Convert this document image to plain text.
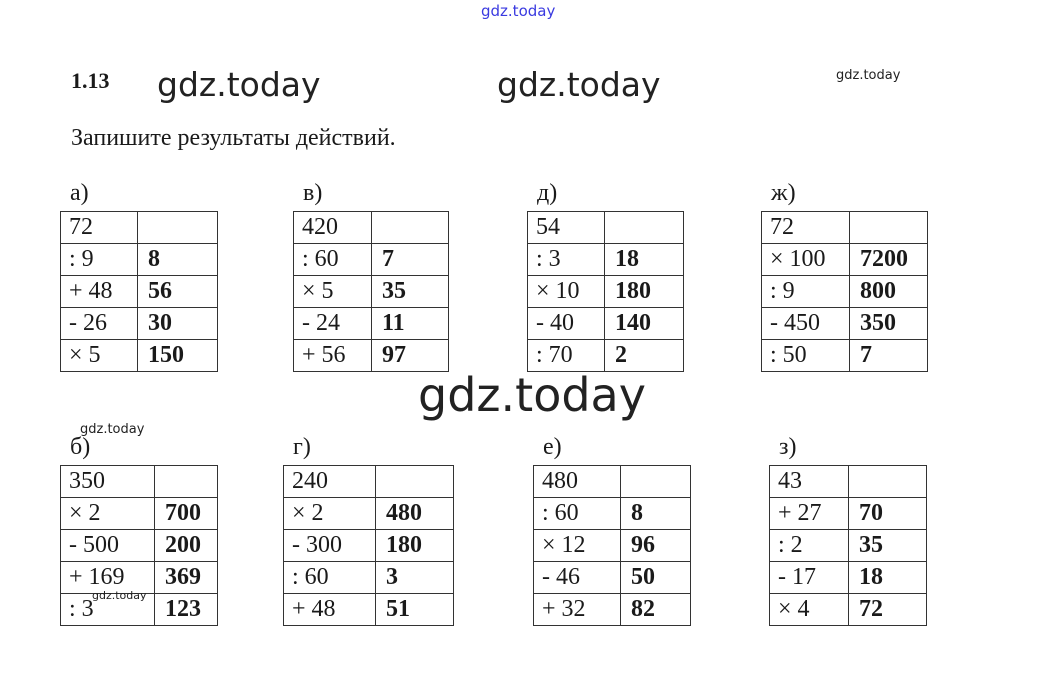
gdz.today
gdz.today	gdz.today	gdz.today
1.13
Запишите результаты действий.
а)
72	
: 9	8
+ 48	56
- 26	30
× 5	150
в)
420	
: 60	7
× 5	35
- 24	11
+ 56	97
д)
54	
: 3	18
× 10	180
- 40	140
: 70	2
ж)
72	
× 100	7200
: 9	800
- 450	350
: 50	7
б)
350	
× 2	700
- 500	200
+ 169	369
: 3	123
г)
240	
× 2	480
- 300	180
: 60	3
+ 48	51
е)
480	
: 60	8
× 12	96
- 46	50
+ 32	82
з)
43	
+ 27	70
: 2	35
- 17	18
× 4	72
gdz.today
gdz.today
gdz.today
